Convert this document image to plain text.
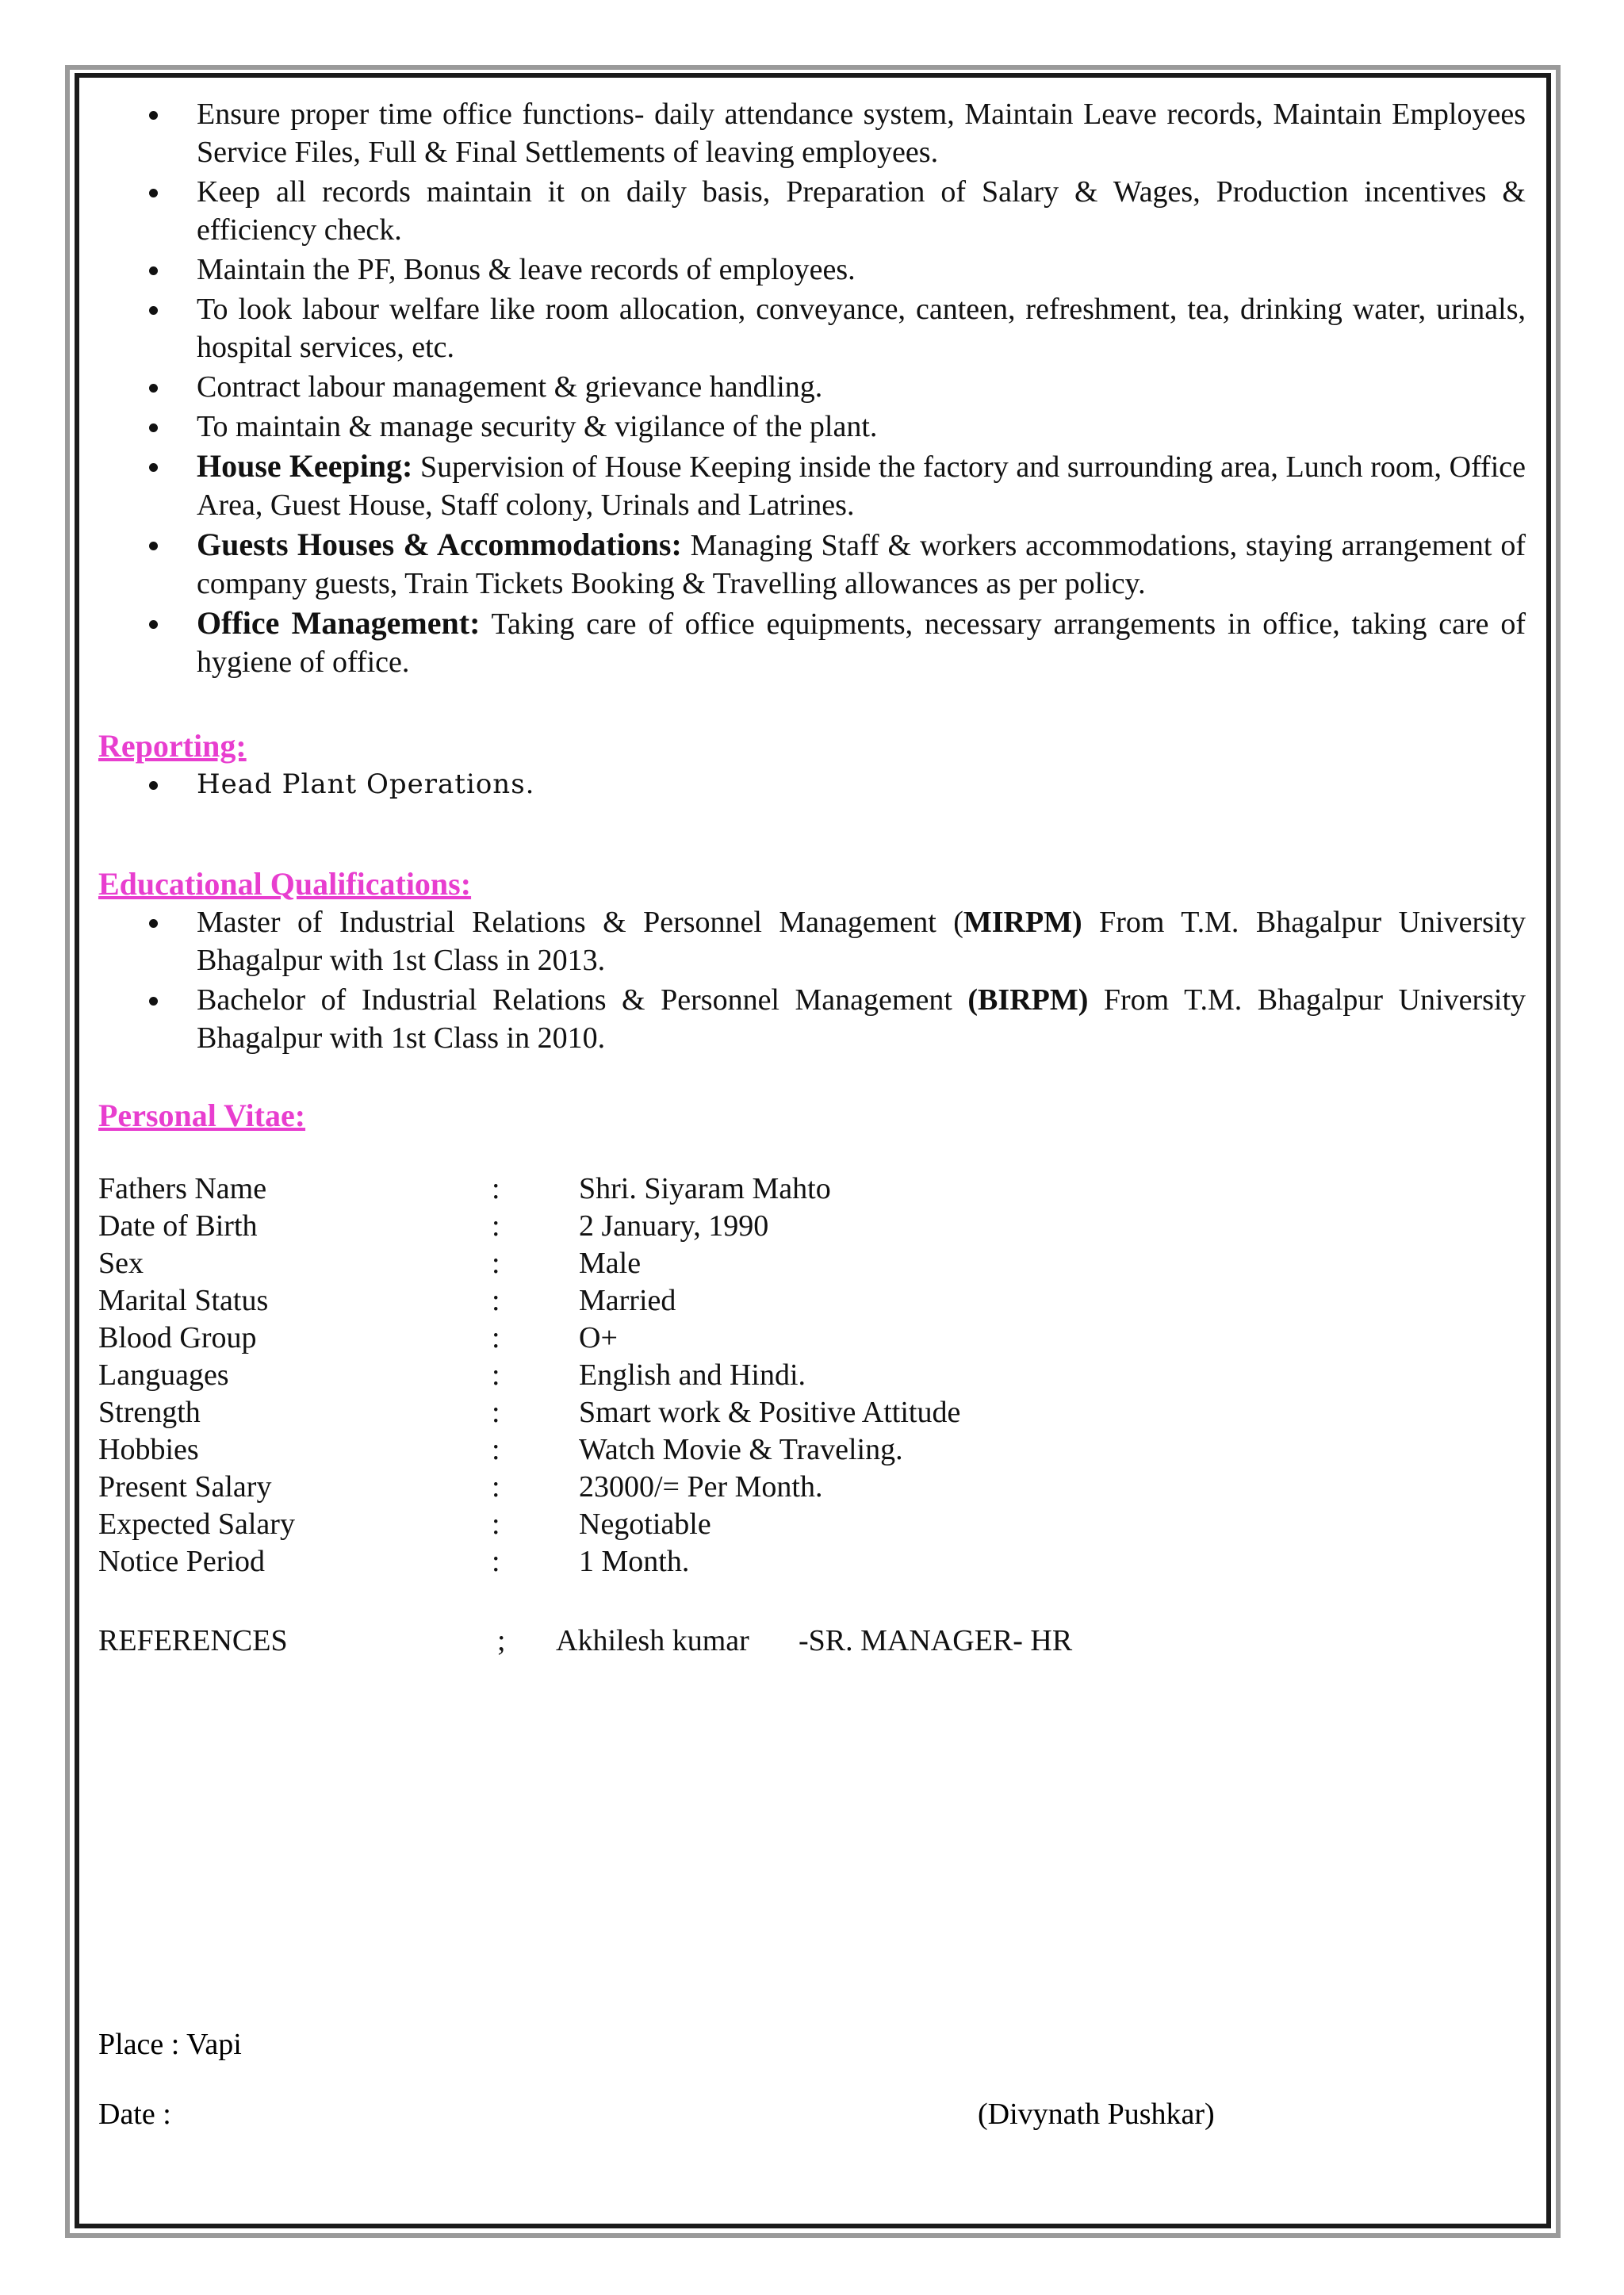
Ensure proper time office functions- daily attendance system, Maintain Leave records, Maintain Employees Service Files, Full & Final Settlements of leaving employees.
Keep all records maintain it on daily basis, Preparation of Salary & Wages, Production incentives & efficiency check.
Maintain the PF, Bonus & leave records of employees.
To look labour welfare like room allocation, conveyance, canteen, refreshment, tea, drinking water, urinals, hospital services, etc.
Contract labour management & grievance handling.
To maintain & manage security & vigilance of the plant.
House Keeping: Supervision of House Keeping inside the factory and surrounding area, Lunch room, Office Area, Guest House, Staff colony, Urinals and Latrines.
Guests Houses & Accommodations: Managing Staff & workers accommodations, staying arrangement of company guests, Train Tickets Booking & Travelling allowances as per policy.
Office Management: Taking care of office equipments, necessary arrangements in office, taking care of hygiene of office.
Reporting:
Head Plant Operations.
Educational Qualifications:
Master of Industrial Relations & Personnel Management (MIRPM) From T.M. Bhagalpur University Bhagalpur with 1st Class in 2013.
Bachelor of Industrial Relations & Personnel Management (BIRPM) From T.M. Bhagalpur University Bhagalpur with 1st Class in 2010.
Personal Vitae:
Fathers Name	:	Shri. Siyaram Mahto
Date of Birth	:	2 January, 1990
Sex	:	Male
Marital Status	:	Married
Blood Group	:	O+
Languages	:	English and Hindi.
Strength	:	Smart work & Positive Attitude
Hobbies	:	Watch Movie & Traveling.
Present Salary	:	23000/= Per Month.
Expected Salary	:	Negotiable
Notice Period	:	1 Month.
REFERENCES	;	Akhilesh kumar	-SR. MANAGER- HR
Place : Vapi
Date :	(Divynath Pushkar)
